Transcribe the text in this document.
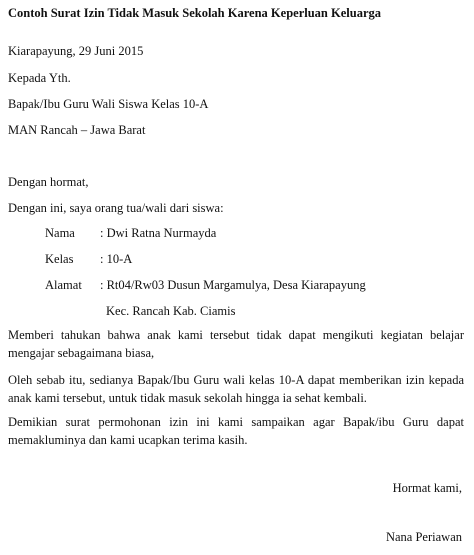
Contoh Surat Izin Tidak Masuk Sekolah Karena Keperluan Keluarga
Kiarapayung, 29 Juni 2015
Kepada Yth.
Bapak/Ibu Guru Wali Siswa Kelas 10-A
MAN Rancah – Jawa Barat
Dengan hormat,
Dengan ini, saya orang tua/wali dari siswa:
Nama : Dwi Ratna Nurmayda
Kelas : 10-A
Alamat : Rt04/Rw03 Dusun Margamulya, Desa Kiarapayung
Kec. Rancah Kab. Ciamis
Memberi tahukan bahwa anak kami tersebut tidak dapat mengikuti kegiatan belajar mengajar sebagaimana biasa,
Oleh sebab itu, sedianya Bapak/Ibu Guru wali kelas 10-A dapat memberikan izin kepada anak kami tersebut, untuk tidak masuk sekolah hingga ia sehat kembali.
Demikian surat permohonan izin ini kami sampaikan agar Bapak/ibu Guru dapat memakluminya dan kami ucapkan terima kasih.
Hormat kami,
Nana Periawan
